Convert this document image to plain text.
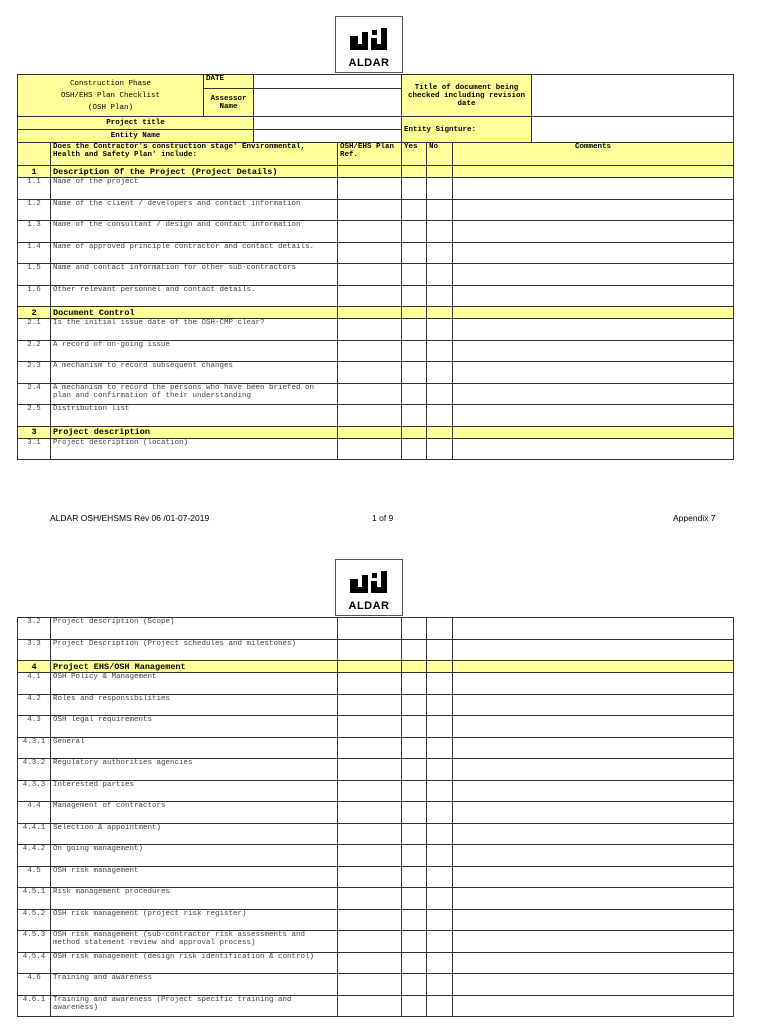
ALDAR
Construction Phase
OSH/EHS Plan Checklist
(OSH Plan)		DATE			Title of document being checked including revision date			
		Assessor Name						

Project title					Entity Signture:			
Entity Name								
	Does the Contractor's construction stage' Environmental, Health and Safety Plan' include:			OSH/EHS Plan Ref.	Yes	No	Comments	
1	Description Of the Project (Project Details)							
1.1	Name of the project							
1.2	Name of the client / developers and contact information							
1.3	Name of the consultant / design and contact information							
1.4	Name of approved principle contractor and contact details.							
1.5	Name and contact information for other sub-contractors							
1.6	Other relevant personnel and contact details.							
2	Document Control							
2.1	Is the initial issue date of the OSH-CMP clear?							
2.2	A record of on-going issue							
2.3	A mechanism to record subsequent changes							
2.4	A mechanism to record the persons who have been briefed on plan and confirmation of their understanding							
2.5	Distribution list							
3	Project description							
3.1	Project description (location)							
ALDAR OSH/EHSMS Rev 06 /01-07-2019	1 of 9	Appendix 7
ALDAR
3.2	Project description (Scope)				
3.3	Project Description (Project schedules and milestones)				
4	Project EHS/OSH Management				
4.1	OSH Policy & Management				
4.2	Roles and responsibilities				
4.3	OSH legal requirements				
4.3.1	General				
4.3.2	Regulatory authorities agencies				
4.3.3	Interested parties				
4.4	Management of contractors				
4.4.1	Selection & appointment)				
4.4.2	On going management)				
4.5	OSH risk management				
4.5.1	Risk management procedures				
4.5.2	OSH risk management (project risk register)				
4.5.3	OSH risk management (sub-contractor risk assessments and method statement review and approval process)				
4.5.4	OSH risk management (design risk identification & control)				
4.6	Training and awareness				
4.6.1	Training and awareness (Project specific training and awareness)				
